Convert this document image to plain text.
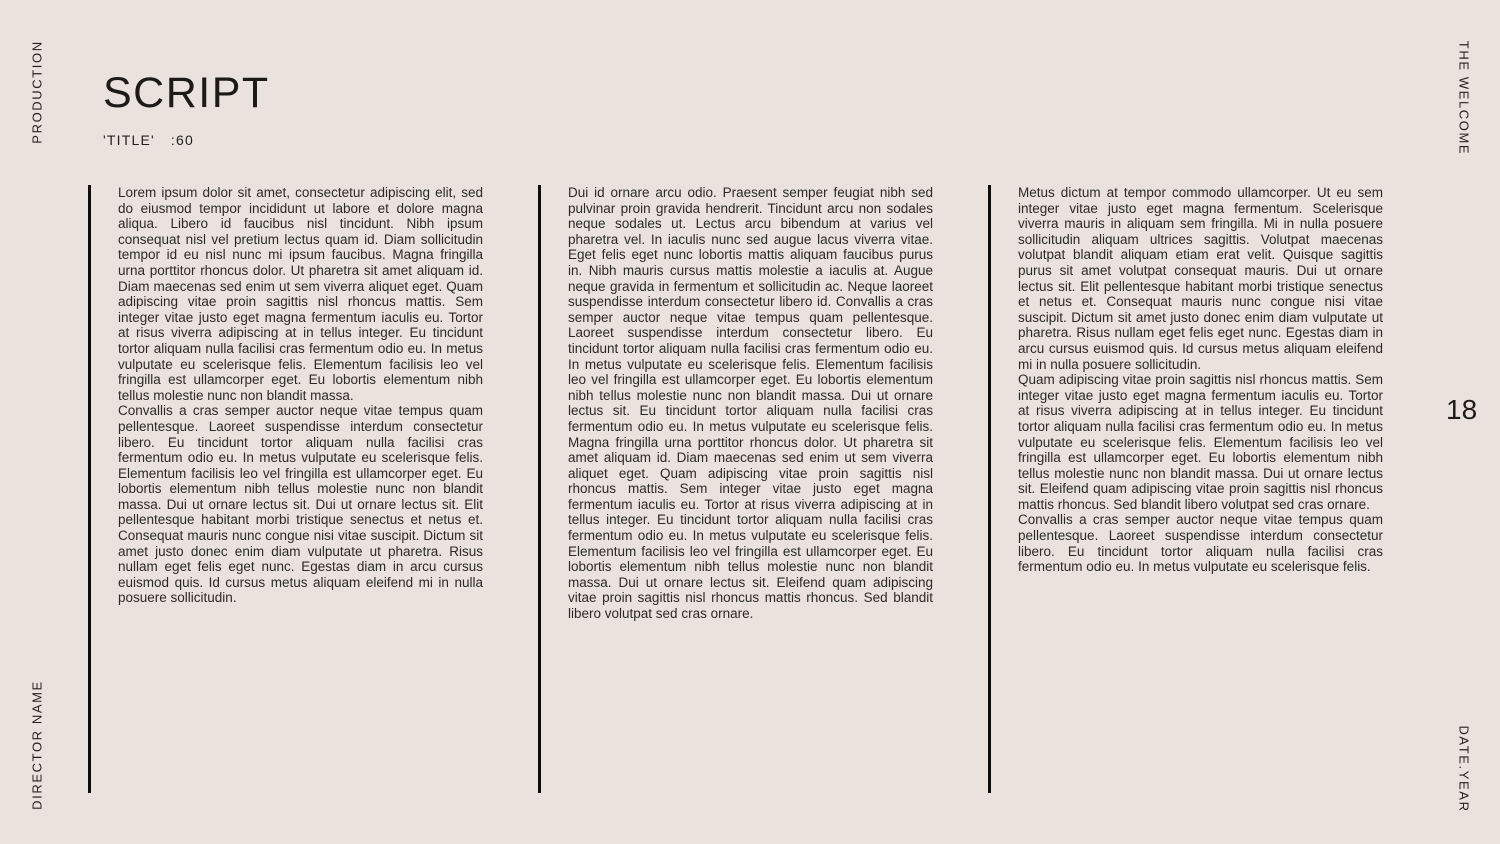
PRODUCTION
DIRECTOR NAME
THE WELCOME
DATE.YEAR
SCRIPT
'TITLE' :60

Lorem ipsum dolor sit amet, consectetur adipiscing elit, sed do eiusmod tempor incididunt ut labore et dolore magna aliqua. Libero id faucibus nisl tincidunt. Nibh ipsum consequat nisl vel pretium lectus quam id. Diam sollicitudin tempor id eu nisl nunc mi ipsum faucibus. Magna fringilla urna porttitor rhoncus dolor. Ut pharetra sit amet aliquam id. Diam maecenas sed enim ut sem viverra aliquet eget. Quam adipiscing vitae proin sagittis nisl rhoncus mattis. Sem integer vitae justo eget magna fermentum iaculis eu. Tortor at risus viverra adipiscing at in tellus integer. Eu tincidunt tortor aliquam nulla facilisi cras fermentum odio eu. In metus vulputate eu scelerisque felis. Elementum facilisis leo vel fringilla est ullamcorper eget. Eu lobortis elementum nibh tellus molestie nunc non blandit massa.

Convallis a cras semper auctor neque vitae tempus quam pellentesque. Laoreet suspendisse interdum consectetur libero. Eu tincidunt tortor aliquam nulla facilisi cras fermentum odio eu. In metus vulputate eu scelerisque felis. Elementum facilisis leo vel fringilla est ullamcorper eget. Eu lobortis elementum nibh tellus molestie nunc non blandit massa. Dui ut ornare lectus sit. Dui ut ornare lectus sit. Elit pellentesque habitant morbi tristique senectus et netus et. Consequat mauris nunc congue nisi vitae suscipit. Dictum sit amet justo donec enim diam vulputate ut pharetra. Risus nullam eget felis eget nunc. Egestas diam in arcu cursus euismod quis. Id cursus metus aliquam eleifend mi in nulla posuere sollicitudin.

Dui id ornare arcu odio. Praesent semper feugiat nibh sed pulvinar proin gravida hendrerit. Tincidunt arcu non sodales neque sodales ut. Lectus arcu bibendum at varius vel pharetra vel. In iaculis nunc sed augue lacus viverra vitae. Eget felis eget nunc lobortis mattis aliquam faucibus purus in. Nibh mauris cursus mattis molestie a iaculis at. Augue neque gravida in fermentum et sollicitudin ac. Neque laoreet suspendisse interdum consectetur libero id. Convallis a cras semper auctor neque vitae tempus quam pellentesque. Laoreet suspendisse interdum consectetur libero. Eu tincidunt tortor aliquam nulla facilisi cras fermentum odio eu. In metus vulputate eu scelerisque felis. Elementum facilisis leo vel fringilla est ullamcorper eget. Eu lobortis elementum nibh tellus molestie nunc non blandit massa. Dui ut ornare lectus sit. Eu tincidunt tortor aliquam nulla facilisi cras fermentum odio eu. In metus vulputate eu scelerisque felis. Magna fringilla urna porttitor rhoncus dolor. Ut pharetra sit amet aliquam id. Diam maecenas sed enim ut sem viverra aliquet eget. Quam adipiscing vitae proin sagittis nisl rhoncus mattis. Sem integer vitae justo eget magna fermentum iaculis eu. Tortor at risus viverra adipiscing at in tellus integer. Eu tincidunt tortor aliquam nulla facilisi cras fermentum odio eu. In metus vulputate eu scelerisque felis. Elementum facilisis leo vel fringilla est ullamcorper eget. Eu lobortis elementum nibh tellus molestie nunc non blandit massa. Dui ut ornare lectus sit. Eleifend quam adipiscing vitae proin sagittis nisl rhoncus mattis rhoncus. Sed blandit libero volutpat sed cras ornare.

Metus dictum at tempor commodo ullamcorper. Ut eu sem integer vitae justo eget magna fermentum. Scelerisque viverra mauris in aliquam sem fringilla. Mi in nulla posuere sollicitudin aliquam ultrices sagittis. Volutpat maecenas volutpat blandit aliquam etiam erat velit. Quisque sagittis purus sit amet volutpat consequat mauris. Dui ut ornare lectus sit. Elit pellentesque habitant morbi tristique senectus et netus et. Consequat mauris nunc congue nisi vitae suscipit. Dictum sit amet justo donec enim diam vulputate ut pharetra. Risus nullam eget felis eget nunc. Egestas diam in arcu cursus euismod quis. Id cursus metus aliquam eleifend mi in nulla posuere sollicitudin.

Quam adipiscing vitae proin sagittis nisl rhoncus mattis. Sem integer vitae justo eget magna fermentum iaculis eu. Tortor at risus viverra adipiscing at in tellus integer. Eu tincidunt tortor aliquam nulla facilisi cras fermentum odio eu. In metus vulputate eu scelerisque felis. Elementum facilisis leo vel fringilla est ullamcorper eget. Eu lobortis elementum nibh tellus molestie nunc non blandit massa. Dui ut ornare lectus sit. Eleifend quam adipiscing vitae proin sagittis nisl rhoncus mattis rhoncus. Sed blandit libero volutpat sed cras ornare.

Convallis a cras semper auctor neque vitae tempus quam pellentesque. Laoreet suspendisse interdum consectetur libero. Eu tincidunt tortor aliquam nulla facilisi cras fermentum odio eu. In metus vulputate eu scelerisque felis.

18
